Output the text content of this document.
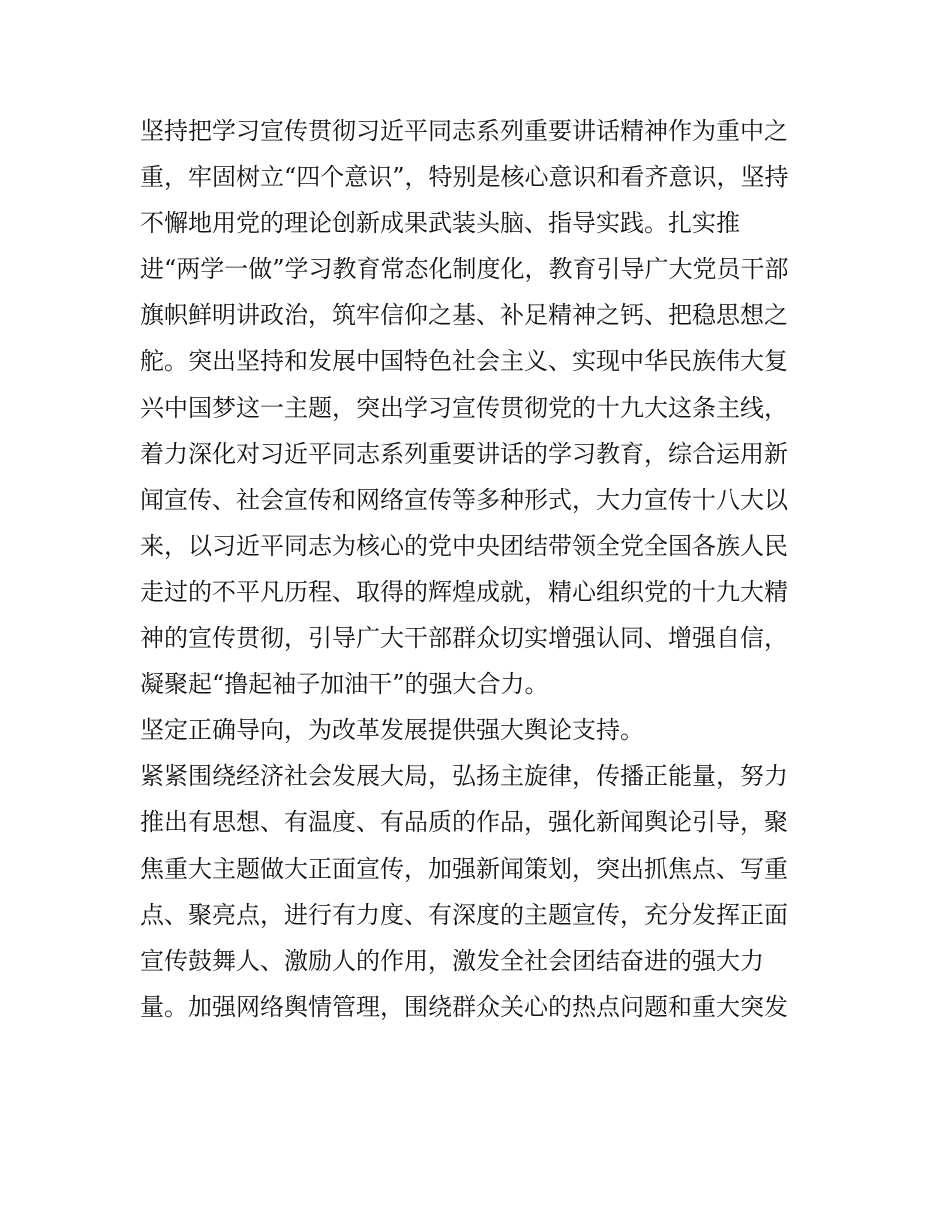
坚持把学习宣传贯彻习近平同志系列重要讲话精神作为重中之
重，牢固树立“四个意识”，特别是核心意识和看齐意识，坚持
不懈地用党的理论创新成果武装头脑、指导实践。扎实推
进“两学一做”学习教育常态化制度化，教育引导广大党员干部
旗帜鲜明讲政治，筑牢信仰之基、补足精神之钙、把稳思想之
舵。突出坚持和发展中国特色社会主义、实现中华民族伟大复
兴中国梦这一主题，突出学习宣传贯彻党的十九大这条主线，
着力深化对习近平同志系列重要讲话的学习教育，综合运用新
闻宣传、社会宣传和网络宣传等多种形式，大力宣传十八大以
来，以习近平同志为核心的党中央团结带领全党全国各族人民
走过的不平凡历程、取得的辉煌成就，精心组织党的十九大精
神的宣传贯彻，引导广大干部群众切实增强认同、增强自信，
凝聚起“撸起袖子加油干”的强大合力。
坚定正确导向，为改革发展提供强大舆论支持。
紧紧围绕经济社会发展大局，弘扬主旋律，传播正能量，努力
推出有思想、有温度、有品质的作品，强化新闻舆论引导，聚
焦重大主题做大正面宣传，加强新闻策划，突出抓焦点、写重
点、聚亮点，进行有力度、有深度的主题宣传，充分发挥正面
宣传鼓舞人、激励人的作用，激发全社会团结奋进的强大力
量。加强网络舆情管理，围绕群众关心的热点问题和重大突发
